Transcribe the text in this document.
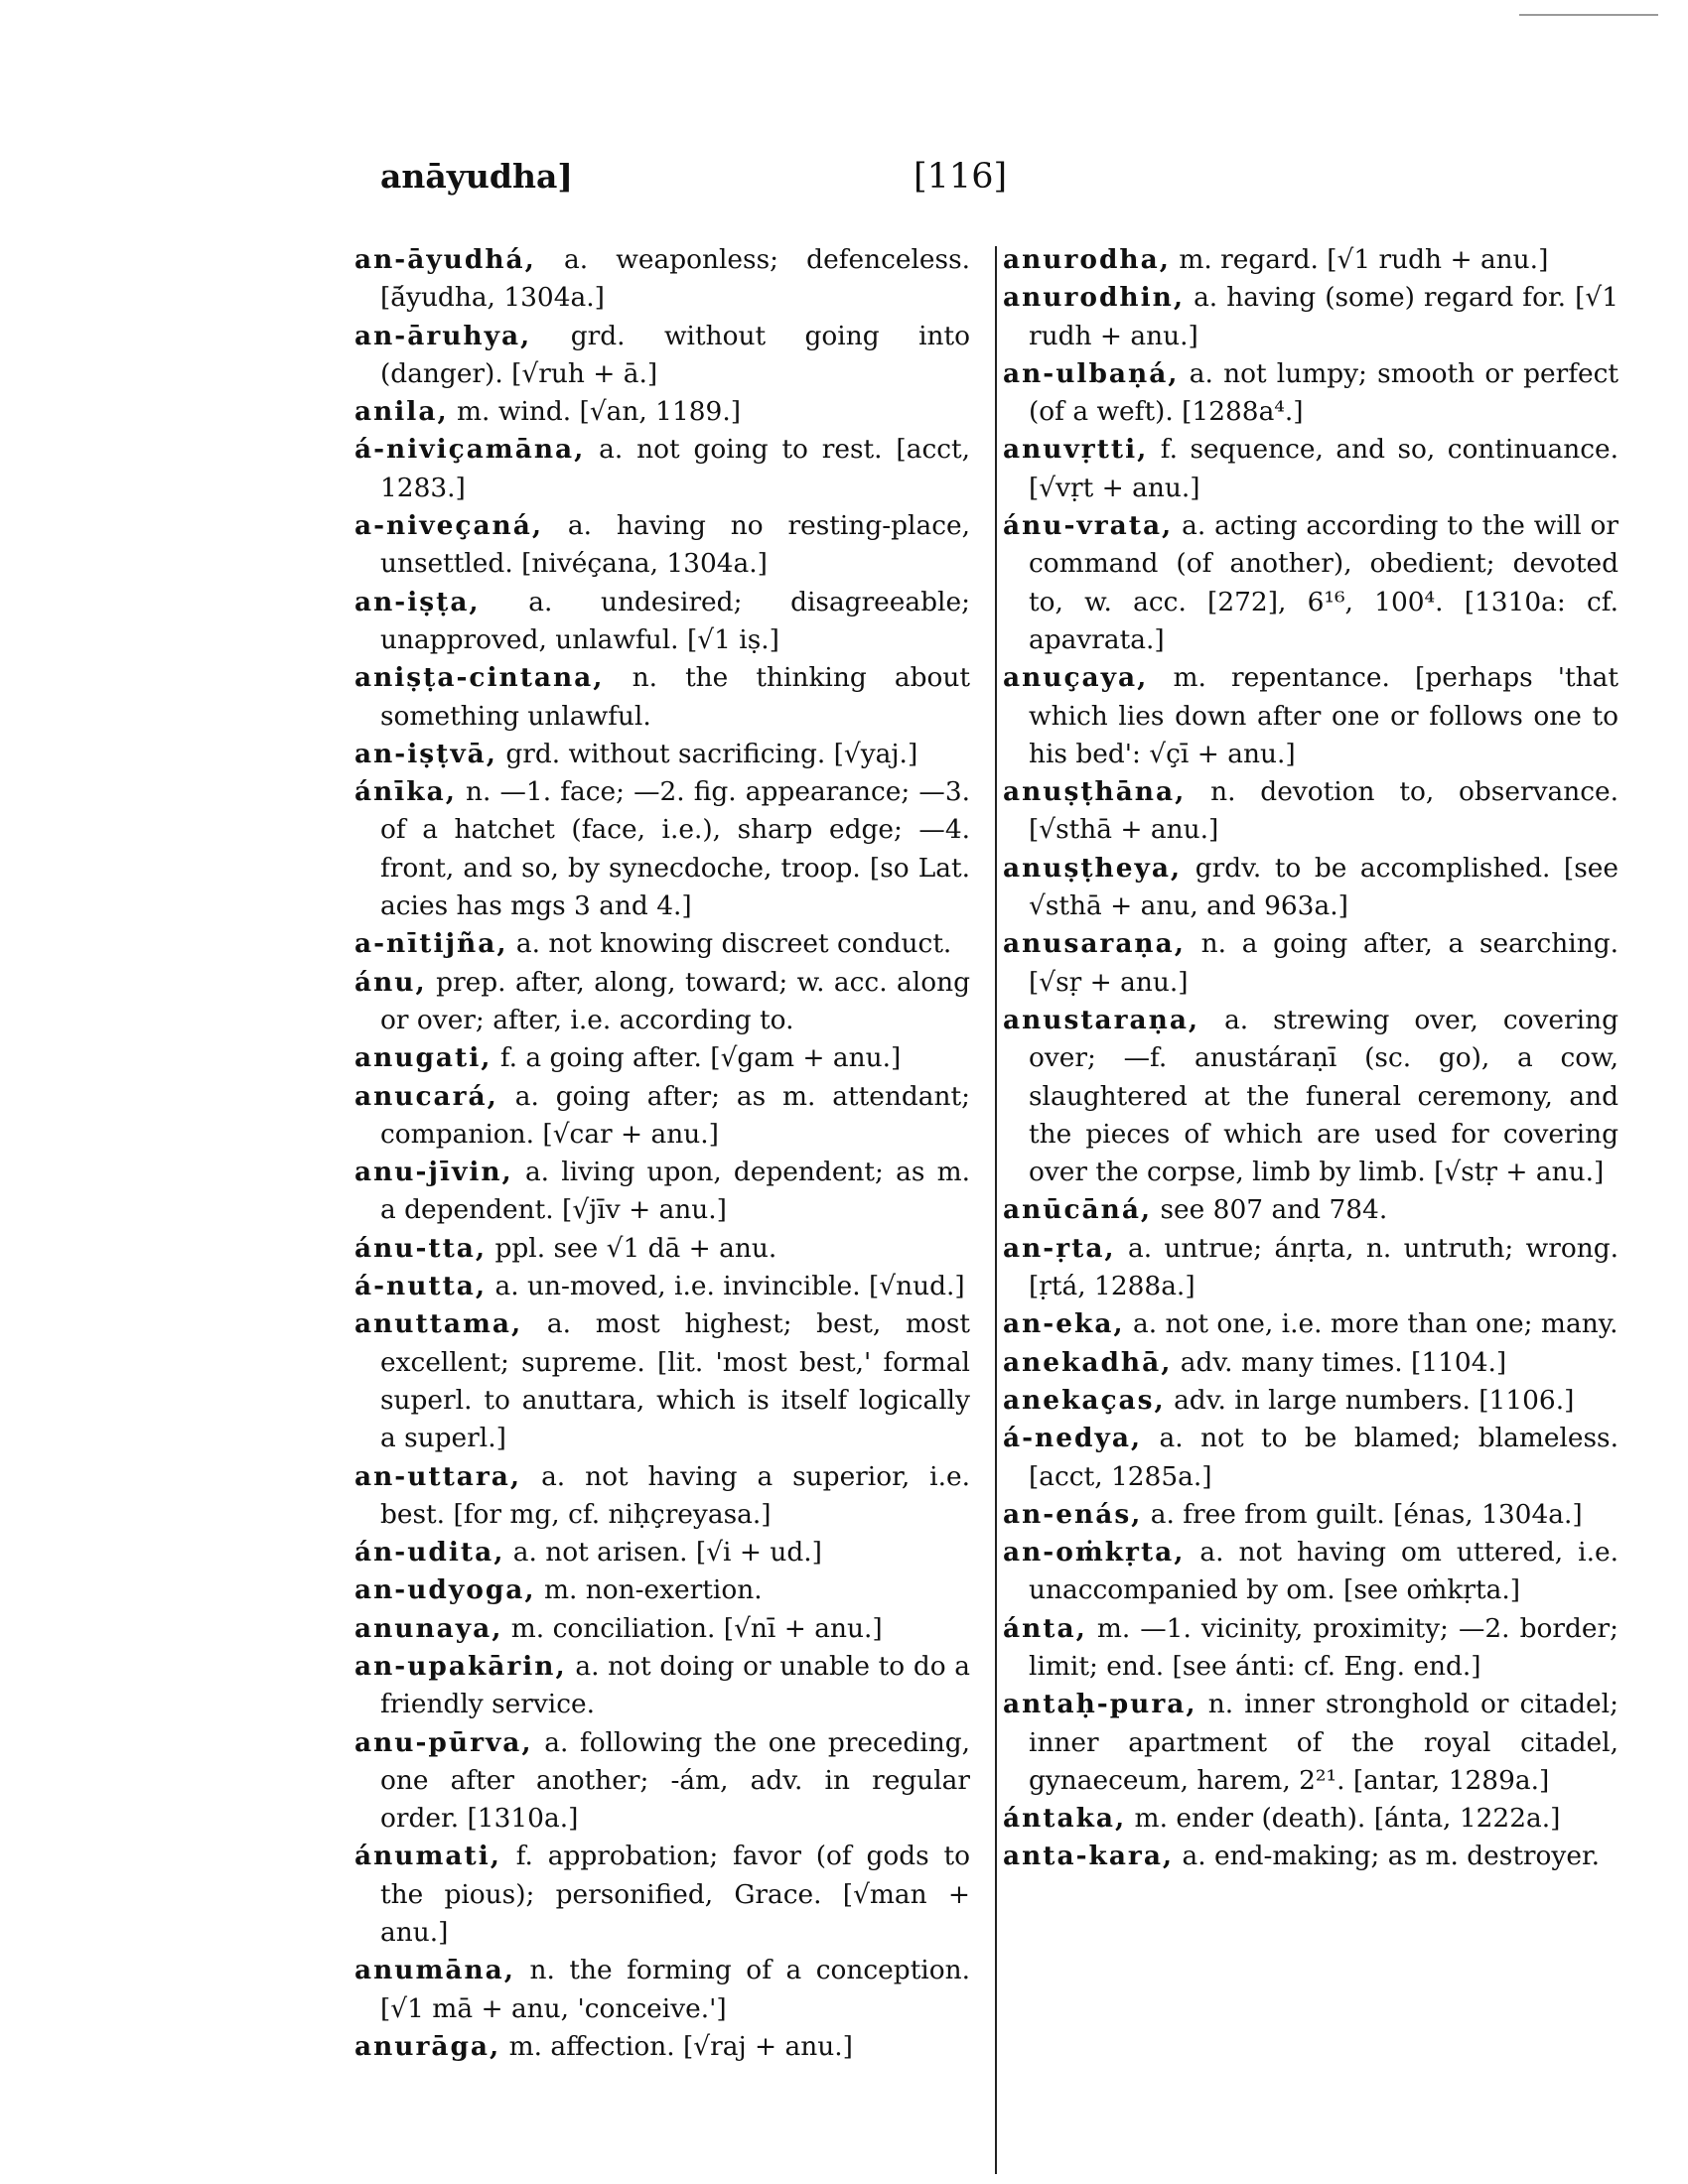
anāyudha]	[116]

an-āyudhá, a. weaponless; defenceless. [ā́yudha, 1304a.]

an-āruhya, grd. without going into (danger). [√ruh + ā.]

anila, m. wind. [√an, 1189.]

á-niviçamāna, a. not going to rest. [acct, 1283.]

a-niveçaná, a. having no resting-place, unsettled. [nivéçana, 1304a.]

an-iṣṭa, a. undesired; disagreeable; unapproved, unlawful. [√1 iṣ.]

aniṣṭa-cintana, n. the thinking about something unlawful.

an-iṣṭvā, grd. without sacrificing. [√yaj.]

ánīka, n. —1. face; —2. fig. appearance; —3. of a hatchet (face, i.e.), sharp edge; —4. front, and so, by synecdoche, troop. [so Lat. acies has mgs 3 and 4.]

a-nītijña, a. not knowing discreet conduct.

ánu, prep. after, along, toward; w. acc. along or over; after, i.e. according to.

anugati, f. a going after. [√gam + anu.]

anucará, a. going after; as m. attendant; companion. [√car + anu.]

anu-jīvin, a. living upon, dependent; as m. a dependent. [√jīv + anu.]

ánu-tta, ppl. see √1 dā + anu.

á-nutta, a. un-moved, i.e. invincible. [√nud.]

anuttama, a. most highest; best, most excellent; supreme. [lit. 'most best,' formal superl. to anuttara, which is itself logically a superl.]

an-uttara, a. not having a superior, i.e. best. [for mg, cf. niḥçreyasa.]

án-udita, a. not arisen. [√i + ud.]

an-udyoga, m. non-exertion.

anunaya, m. conciliation. [√nī + anu.]

an-upakārin, a. not doing or unable to do a friendly service.

anu-pūrva, a. following the one preceding, one after another; -ám, adv. in regular order. [1310a.]

ánumati, f. approbation; favor (of gods to the pious); personified, Grace. [√man + anu.]

anumāna, n. the forming of a conception. [√1 mā + anu, 'conceive.']

anurāga, m. affection. [√raj + anu.]

anurodha, m. regard. [√1 rudh + anu.]

anurodhin, a. having (some) regard for. [√1 rudh + anu.]

an-ulbaṇá, a. not lumpy; smooth or perfect (of a weft). [1288a⁴.]

anuvṛtti, f. sequence, and so, continuance. [√vṛt + anu.]

ánu-vrata, a. acting according to the will or command (of another), obedient; devoted to, w. acc. [272], 6¹⁶, 100⁴. [1310a: cf. apavrata.]

anuçaya, m. repentance. [perhaps 'that which lies down after one or follows one to his bed': √çī + anu.]

anuṣṭhāna, n. devotion to, observance. [√sthā + anu.]

anuṣṭheya, grdv. to be accomplished. [see √sthā + anu, and 963a.]

anusaraṇa, n. a going after, a searching. [√sṛ + anu.]

anustaraṇa, a. strewing over, covering over; —f. anustáraṇī (sc. go), a cow, slaughtered at the funeral ceremony, and the pieces of which are used for covering over the corpse, limb by limb. [√stṛ + anu.]

anūcāná, see 807 and 784.

an-ṛta, a. untrue; ánṛta, n. untruth; wrong. [ṛtá, 1288a.]

an-eka, a. not one, i.e. more than one; many.

anekadhā, adv. many times. [1104.]

anekaças, adv. in large numbers. [1106.]

á-nedya, a. not to be blamed; blameless. [acct, 1285a.]

an-enás, a. free from guilt. [énas, 1304a.]

an-oṁkṛta, a. not having om uttered, i.e. unaccompanied by om. [see oṁkṛta.]

ánta, m. —1. vicinity, proximity; —2. border; limit; end. [see ánti: cf. Eng. end.]

antaḥ-pura, n. inner stronghold or citadel; inner apartment of the royal citadel, gynaeceum, harem, 2²¹. [antar, 1289a.]

ántaka, m. ender (death). [ánta, 1222a.]

anta-kara, a. end-making; as m. destroyer.
